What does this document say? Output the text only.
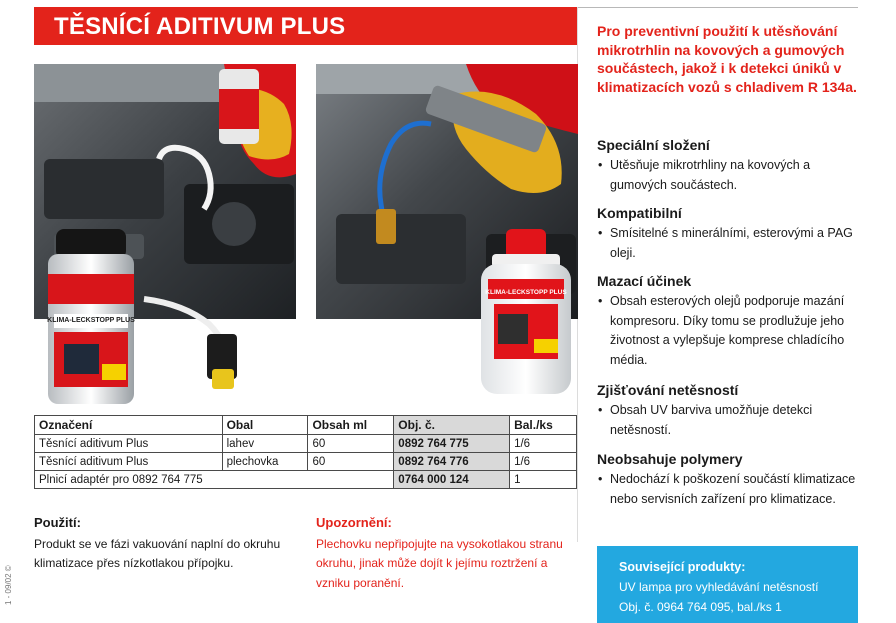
TĚSNÍCÍ ADITIVUM PLUS
KLIMA-LECKSTOPP PLUS
KLIMA-LECKSTOPP PLUS
Pro preventivní použití k utěsňování mikrotrhlin na kovových a gumových součástech, jakož i k detekci úniků v klimatizacích vozů s chladivem R 134a.
Speciální složení

• Utěsňuje mikrotrhliny na kovových a gumových součástech.

Kompatibilní

• Smísitelné s minerálními, esterovými a PAG oleji.

Mazací účinek

• Obsah esterových olejů podporuje mazání kompresoru. Díky tomu se prodlužuje jeho životnost a vylepšuje komprese chladícího média.

Zjišťování netěsností

• Obsah UV barviva umožňuje detekci netěsností.

Neobsahuje polymery

• Nedochází k poškození součástí klimatizace nebo servisních zařízení pro klimatizace.

Označení	Obal	Obsah ml	Obj. č.	Bal./ks
Těsnící aditivum Plus	lahev	60	0892 764 775	1/6
Těsnící aditivum Plus	plechovka	60	0892 764 776	1/6
Plnicí adaptér pro 0892 764 775			0764 000 124	1
Použití:
Produkt se ve fázi vakuování naplní do okruhu klimatizace přes nízkotlakou přípojku.
Upozornění:
Plechovku nepřipojujte na vysokotlakou stranu okruhu, jinak může dojít k jejímu roztržení a vzniku poranění.
Související produkty:
UV lampa pro vyhledávání netěsností
Obj. č. 0964 764 095, bal./ks 1
1 - 09/02 ©
